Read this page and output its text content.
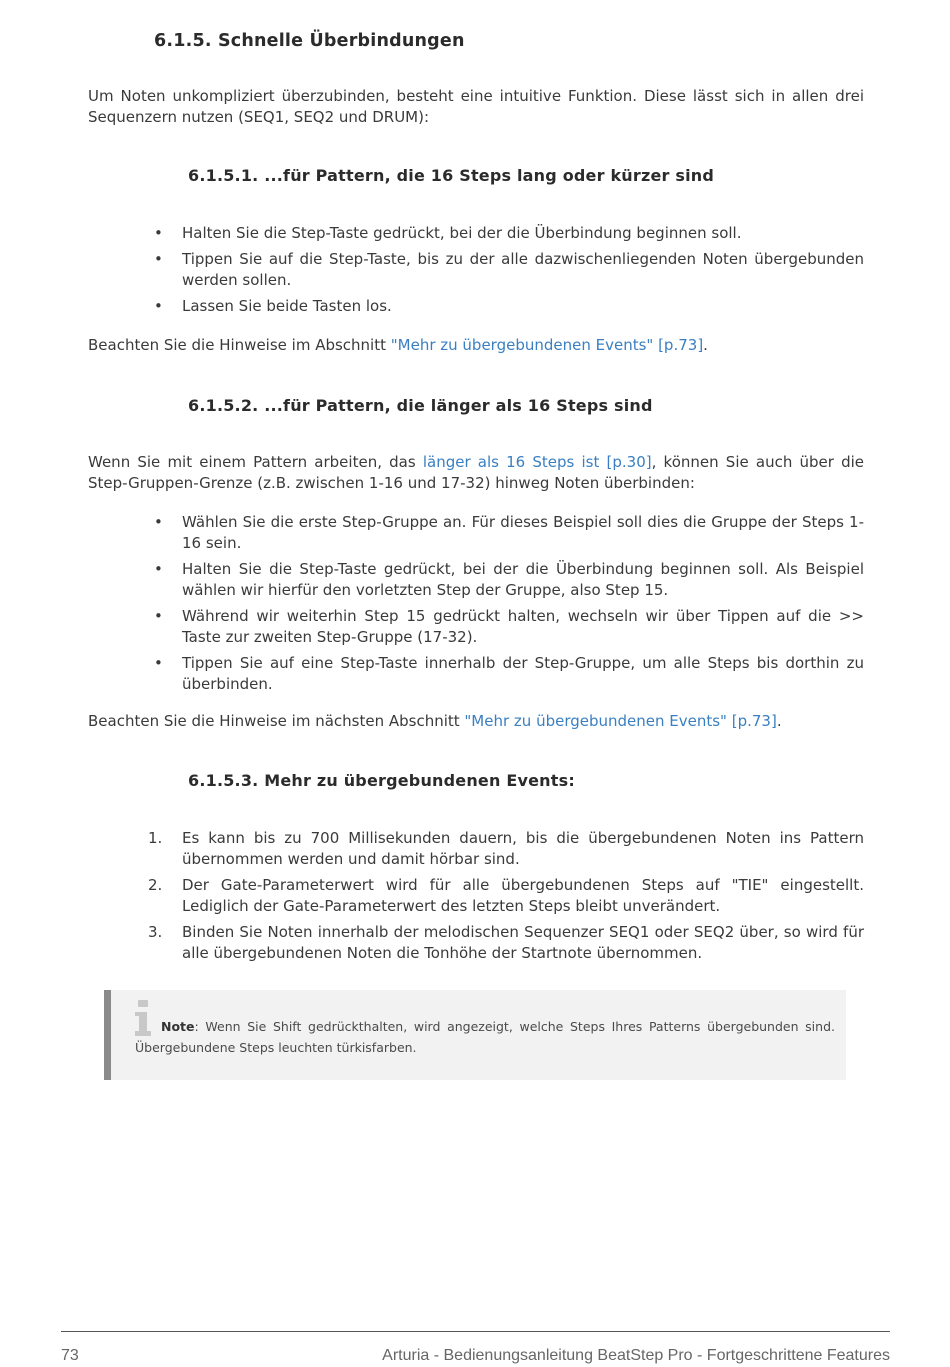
6.1.5. Schnelle Überbindungen
Um Noten unkompliziert überzubinden, besteht eine intuitive Funktion. Diese lässt sich in allen drei Sequenzern nutzen (SEQ1, SEQ2 und DRUM):
6.1.5.1. ...für Pattern, die 16 Steps lang oder kürzer sind
• Halten Sie die Step-Taste gedrückt, bei der die Überbindung beginnen soll.
• Tippen Sie auf die Step-Taste, bis zu der alle dazwischenliegenden Noten übergebunden werden sollen.
• Lassen Sie beide Tasten los.
Beachten Sie die Hinweise im Abschnitt "Mehr zu übergebundenen Events" [p.73].
6.1.5.2. ...für Pattern, die länger als 16 Steps sind
Wenn Sie mit einem Pattern arbeiten, das länger als 16 Steps ist [p.30], können Sie auch über die Step-Gruppen-Grenze (z.B. zwischen 1-16 und 17-32) hinweg Noten überbinden:
• Wählen Sie die erste Step-Gruppe an. Für dieses Beispiel soll dies die Gruppe der Steps 1-16 sein.
• Halten Sie die Step-Taste gedrückt, bei der die Überbindung beginnen soll. Als Beispiel wählen wir hierfür den vorletzten Step der Gruppe, also Step 15.
• Während wir weiterhin Step 15 gedrückt halten, wechseln wir über Tippen auf die >> Taste zur zweiten Step-Gruppe (17-32).
• Tippen Sie auf eine Step-Taste innerhalb der Step-Gruppe, um alle Steps bis dorthin zu überbinden.
Beachten Sie die Hinweise im nächsten Abschnitt "Mehr zu übergebundenen Events" [p.73].
6.1.5.3. Mehr zu übergebundenen Events:
1. Es kann bis zu 700 Millisekunden dauern, bis die übergebundenen Noten ins Pattern übernommen werden und damit hörbar sind.
2. Der Gate-Parameterwert wird für alle übergebundenen Steps auf "TIE" eingestellt. Lediglich der Gate-Parameterwert des letzten Steps bleibt unverändert.
3. Binden Sie Noten innerhalb der melodischen Sequenzer SEQ1 oder SEQ2 über, so wird für alle übergebundenen Noten die Tonhöhe der Startnote übernommen.
Note: Wenn Sie Shift gedrückthalten, wird angezeigt, welche Steps Ihres Patterns übergebunden sind. Übergebundene Steps leuchten türkisfarben.
73	Arturia - Bedienungsanleitung BeatStep Pro - Fortgeschrittene Features
